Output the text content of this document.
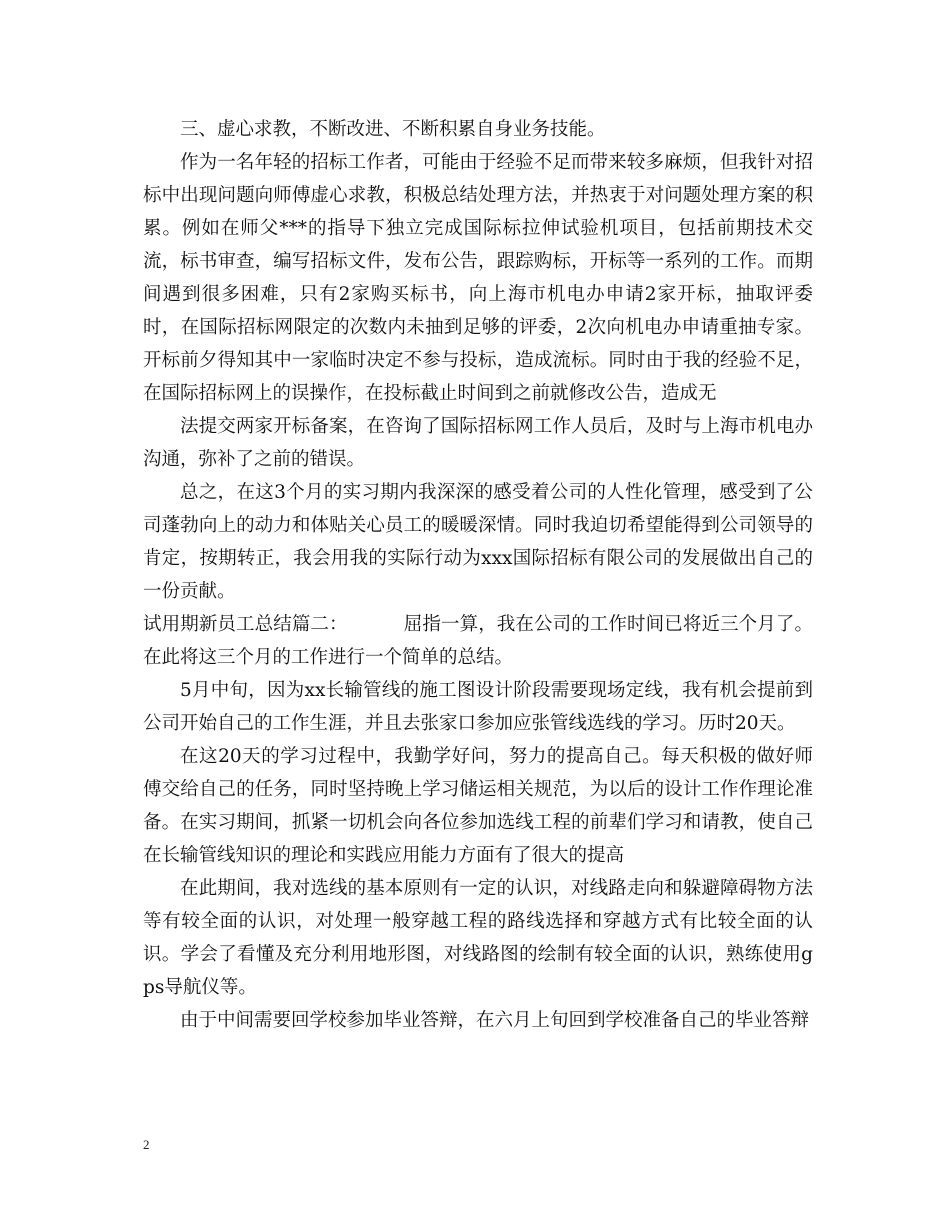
三、虚心求教，不断改进、不断积累自身业务技能。

作为一名年轻的招标工作者，可能由于经验不足而带来较多麻烦，但我针对招标中出现问题向师傅虚心求教，积极总结处理方法，并热衷于对问题处理方案的积累。例如在师父***的指导下独立完成国际标拉伸试验机项目，包括前期技术交流，标书审查，编写招标文件，发布公告，跟踪购标，开标等一系列的工作。而期间遇到很多困难，只有2家购买标书，向上海市机电办申请2家开标，抽取评委时，在国际招标网限定的次数内未抽到足够的评委，2次向机电办申请重抽专家。开标前夕得知其中一家临时决定不参与投标，造成流标。同时由于我的经验不足，在国际招标网上的误操作，在投标截止时间到之前就修改公告，造成无

法提交两家开标备案，在咨询了国际招标网工作人员后，及时与上海市机电办沟通，弥补了之前的错误。

总之，在这3个月的实习期内我深深的感受着公司的人性化管理，感受到了公司蓬勃向上的动力和体贴关心员工的暖暖深情。同时我迫切希望能得到公司领导的肯定，按期转正，我会用我的实际行动为xxx国际招标有限公司的发展做出自己的一份贡献。

试用期新员工总结篇二：	屈指一算，我在公司的工作时间已将近三个月了。在此将这三个月的工作进行一个简单的总结。

5月中旬，因为xx长输管线的施工图设计阶段需要现场定线，我有机会提前到公司开始自己的工作生涯，并且去张家口参加应张管线选线的学习。历时20天。

在这20天的学习过程中，我勤学好问，努力的提高自己。每天积极的做好师傅交给自己的任务，同时坚持晚上学习储运相关规范，为以后的设计工作作理论准备。在实习期间，抓紧一切机会向各位参加选线工程的前辈们学习和请教，使自己在长输管线知识的理论和实践应用能力方面有了很大的提高

在此期间，我对选线的基本原则有一定的认识，对线路走向和躲避障碍物方法等有较全面的认识，对处理一般穿越工程的路线选择和穿越方式有比较全面的认识。学会了看懂及充分利用地形图，对线路图的绘制有较全面的认识，熟练使用gps导航仪等。

由于中间需要回学校参加毕业答辩，在六月上旬回到学校准备自己的毕业答辩

2
